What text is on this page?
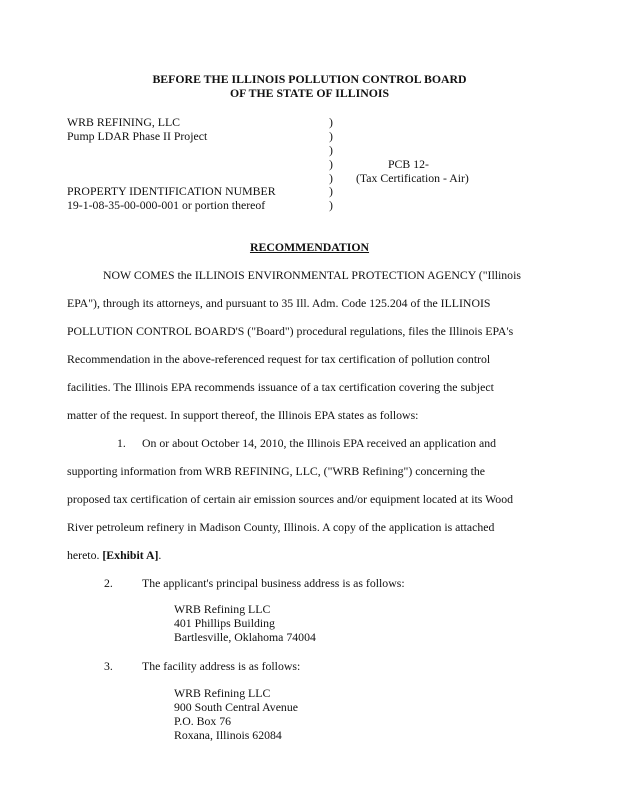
BEFORE THE ILLINOIS POLLUTION CONTROL BOARD
OF THE STATE OF ILLINOIS
WRB REFINING, LLC
Pump LDAR Phase II Project
PROPERTY IDENTIFICATION NUMBER
19-1-08-35-00-000-001 or portion thereof
)
)
)
)
)
)
)
PCB 12-
(Tax Certification - Air)
RECOMMENDATION
NOW COMES the ILLINOIS ENVIRONMENTAL PROTECTION AGENCY ("Illinois
EPA"), through its attorneys, and pursuant to 35 Ill. Adm. Code 125.204 of the ILLINOIS
POLLUTION CONTROL BOARD'S ("Board") procedural regulations, files the Illinois EPA's
Recommendation in the above-referenced request for tax certification of pollution control
facilities. The Illinois EPA recommends issuance of a tax certification covering the subject
matter of the request. In support thereof, the Illinois EPA states as follows:
1. On or about October 14, 2010, the Illinois EPA received an application and
supporting information from WRB REFINING, LLC, ("WRB Refining") concerning the
proposed tax certification of certain air emission sources and/or equipment located at its Wood
River petroleum refinery in Madison County, Illinois. A copy of the application is attached
hereto. [Exhibit A].
2. The applicant's principal business address is as follows:
WRB Refining LLC
401 Phillips Building
Bartlesville, Oklahoma 74004
3. The facility address is as follows:
WRB Refining LLC
900 South Central Avenue
P.O. Box 76
Roxana, Illinois 62084
